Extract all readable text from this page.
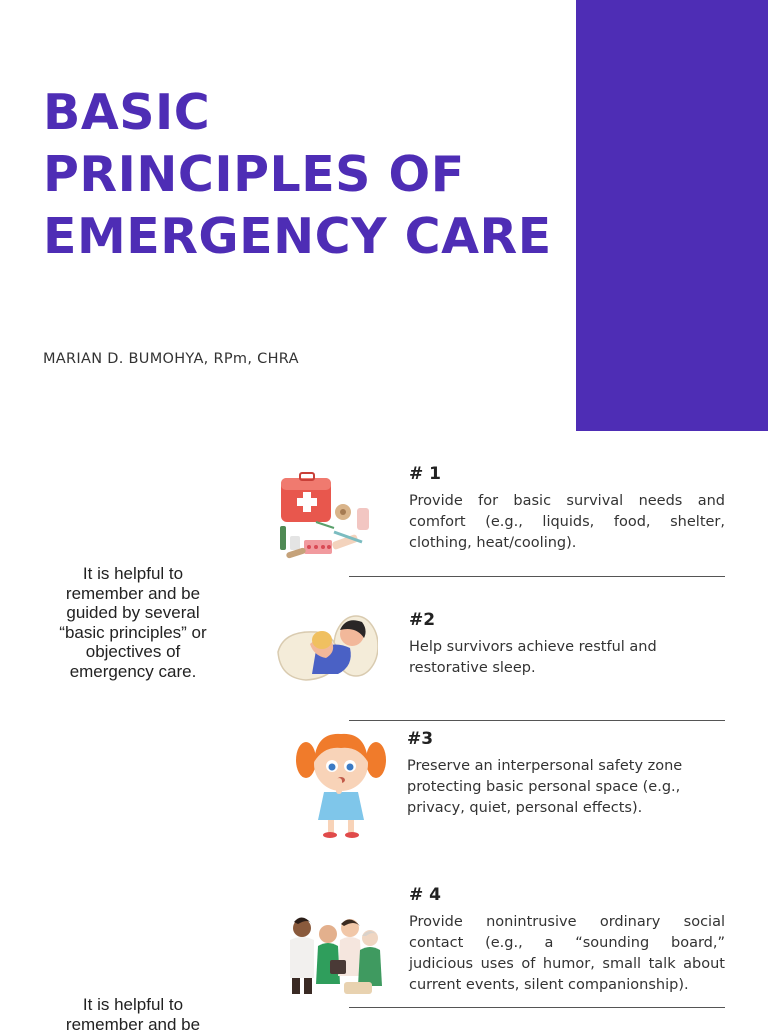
BASIC
PRINCIPLES OF
EMERGENCY CARE
MARIAN D. BUMOHYA, RPm, CHRA
It is helpful to
remember and be
guided by several
“basic principles” or
objectives of
emergency care.
It is helpful to
remember and be
# 1
Provide for basic survival needs and
comfort (e.g., liquids, food, shelter,
clothing, heat/cooling).
#2
Help survivors achieve restful and
restorative sleep.
#3
Preserve an interpersonal safety zone
protecting basic personal space (e.g.,
privacy, quiet, personal effects).
# 4
Provide nonintrusive ordinary social
contact (e.g., a “sounding board,”
judicious uses of humor, small talk about
current events, silent companionship).
